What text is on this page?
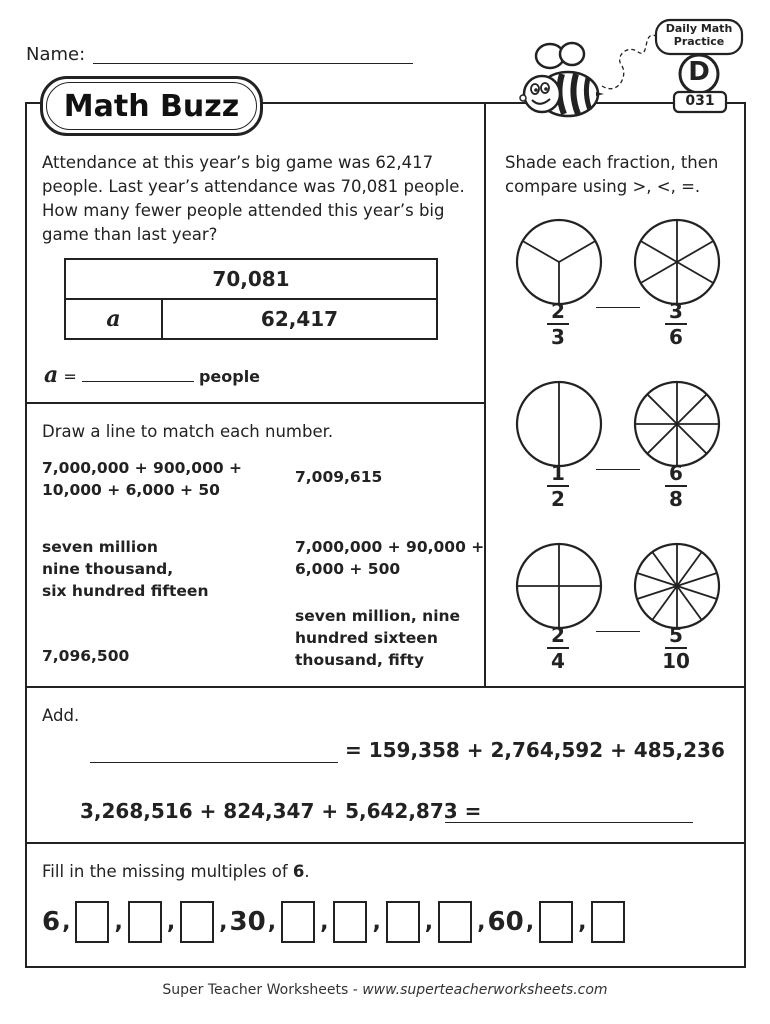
Name:
Math Buzz
Daily Math
Practice
D
031
Attendance at this year’s big game was 62,417
people. Last year’s attendance was 70,081 people.
How many fewer people attended this year’s big
game than last year?
70,081
a	62,417
a =	people
Draw a line to match each number.
7,000,000 + 900,000 +
10,000 + 6,000 + 50
seven million
nine thousand,
six hundred fifteen
7,096,500
7,009,615
7,000,000 + 90,000 +
6,000 + 500
seven million, nine
hundred sixteen
thousand, fifty
Shade each fraction, then
compare using >, <, =.
2
3
3
6
1
2
6
8
2
4
5
10
Add.
= 159,358 + 2,764,592 + 485,236
3,268,516 + 824,347 + 5,642,873 =
Fill in the missing multiples of 6.
6 , , , , 30 , , , , , 60 , ,
Super Teacher Worksheets - www.superteacherworksheets.com
